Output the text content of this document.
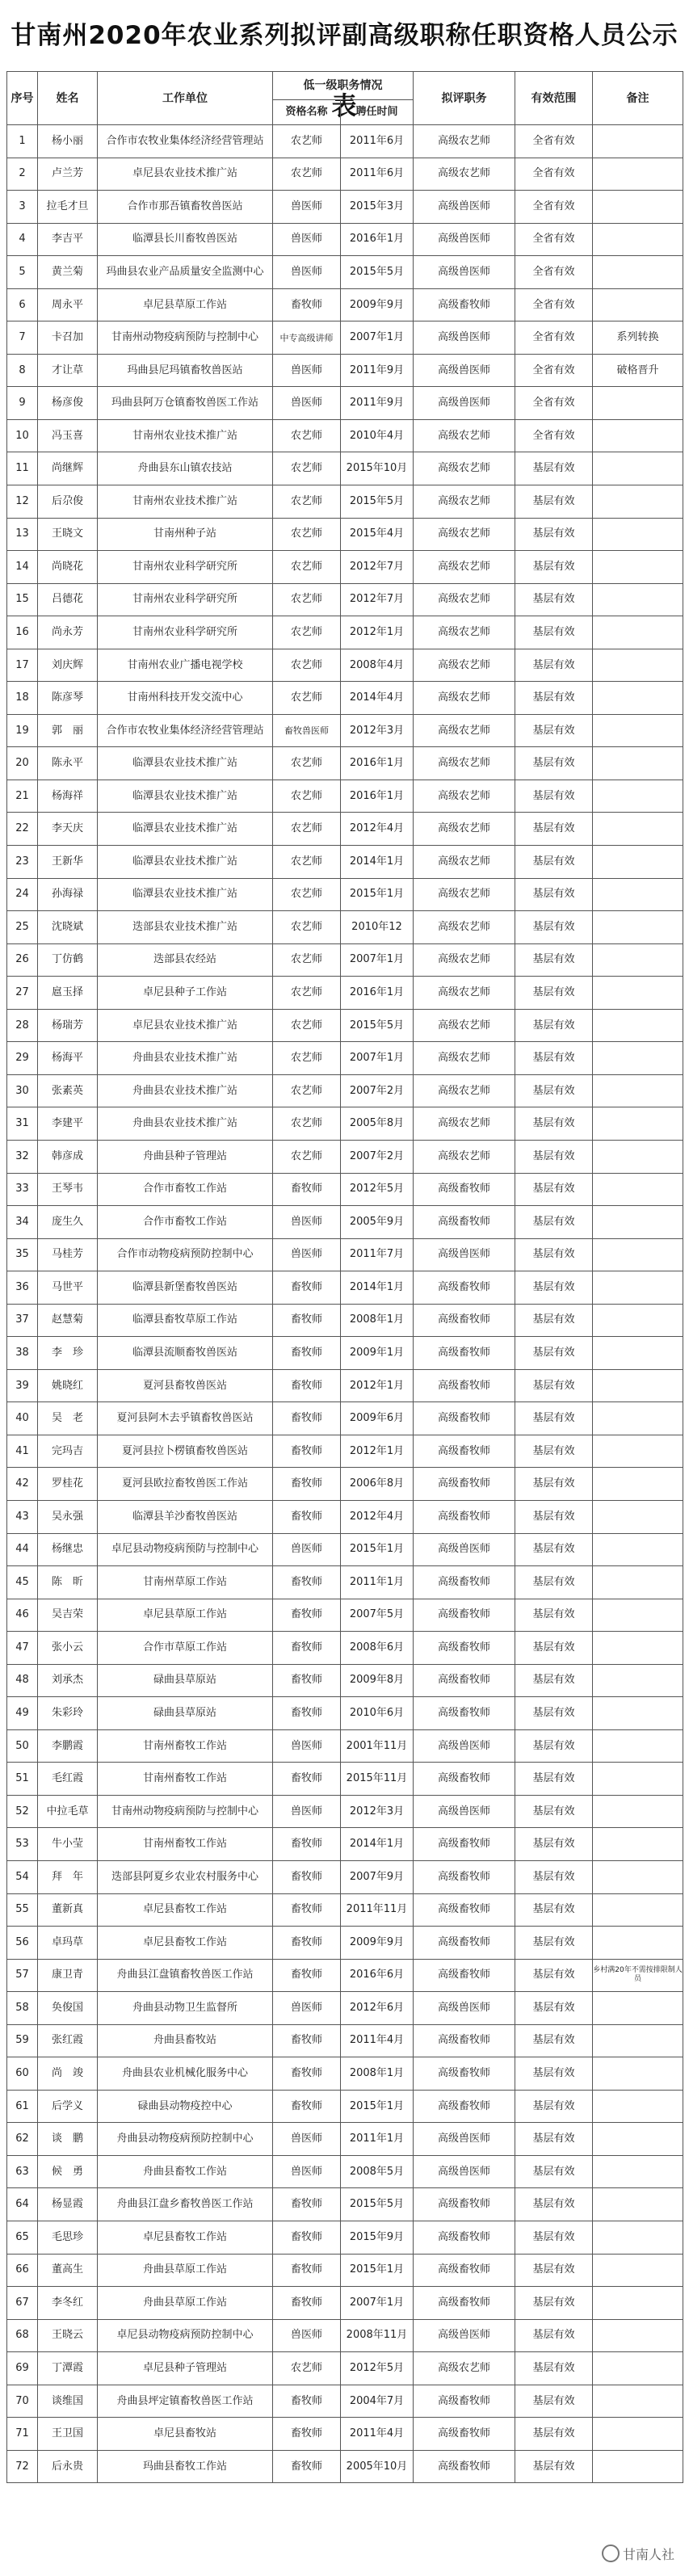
甘南州2020年农业系列拟评副高级职称任职资格人员公示表
序号	姓名	工作单位	低一级职务情况		拟评职务	有效范围	备注
			资格名称	聘任时间			
1	杨小丽	合作市农牧业集体经济经营管理站	农艺师	2011年6月	高级农艺师	全省有效	
2	卢兰芳	卓尼县农业技术推广站	农艺师	2011年6月	高级农艺师	全省有效	
3	拉毛才旦	合作市那吾镇畜牧兽医站	兽医师	2015年3月	高级兽医师	全省有效	
4	李吉平	临潭县长川畜牧兽医站	兽医师	2016年1月	高级兽医师	全省有效	
5	黄兰菊	玛曲县农业产品质量安全监测中心	兽医师	2015年5月	高级兽医师	全省有效	
6	周永平	卓尼县草原工作站	畜牧师	2009年9月	高级畜牧师	全省有效	
7	卡召加	甘南州动物疫病预防与控制中心	中专高级讲师	2007年1月	高级兽医师	全省有效	系列转换
8	才让草	玛曲县尼玛镇畜牧兽医站	兽医师	2011年9月	高级兽医师	全省有效	破格晋升
9	杨彦俊	玛曲县阿万仓镇畜牧兽医工作站	兽医师	2011年9月	高级兽医师	全省有效	
10	冯玉喜	甘南州农业技术推广站	农艺师	2010年4月	高级农艺师	全省有效	
11	尚继辉	舟曲县东山镇农技站	农艺师	2015年10月	高级农艺师	基层有效	
12	后尕俊	甘南州农业技术推广站	农艺师	2015年5月	高级农艺师	基层有效	
13	王晓文	甘南州种子站	农艺师	2015年4月	高级农艺师	基层有效	
14	尚晓花	甘南州农业科学研究所	农艺师	2012年7月	高级农艺师	基层有效	
15	吕德花	甘南州农业科学研究所	农艺师	2012年7月	高级农艺师	基层有效	
16	尚永芳	甘南州农业科学研究所	农艺师	2012年1月	高级农艺师	基层有效	
17	刘庆辉	甘南州农业广播电视学校	农艺师	2008年4月	高级农艺师	基层有效	
18	陈彦琴	甘南州科技开发交流中心	农艺师	2014年4月	高级农艺师	基层有效	
19	郭　丽	合作市农牧业集体经济经营管理站	畜牧兽医师	2012年3月	高级农艺师	基层有效	
20	陈永平	临潭县农业技术推广站	农艺师	2016年1月	高级农艺师	基层有效	
21	杨海祥	临潭县农业技术推广站	农艺师	2016年1月	高级农艺师	基层有效	
22	李天庆	临潭县农业技术推广站	农艺师	2012年4月	高级农艺师	基层有效	
23	王新华	临潭县农业技术推广站	农艺师	2014年1月	高级农艺师	基层有效	
24	孙海禄	临潭县农业技术推广站	农艺师	2015年1月	高级农艺师	基层有效	
25	沈晓斌	迭部县农业技术推广站	农艺师	2010年12	高级农艺师	基层有效	
26	丁仿鹤	迭部县农经站	农艺师	2007年1月	高级农艺师	基层有效	
27	扈玉择	卓尼县种子工作站	农艺师	2016年1月	高级农艺师	基层有效	
28	杨瑞芳	卓尼县农业技术推广站	农艺师	2015年5月	高级农艺师	基层有效	
29	杨海平	舟曲县农业技术推广站	农艺师	2007年1月	高级农艺师	基层有效	
30	张素英	舟曲县农业技术推广站	农艺师	2007年2月	高级农艺师	基层有效	
31	李建平	舟曲县农业技术推广站	农艺师	2005年8月	高级农艺师	基层有效	
32	韩彦成	舟曲县种子管理站	农艺师	2007年2月	高级农艺师	基层有效	
33	王琴韦	合作市畜牧工作站	畜牧师	2012年5月	高级畜牧师	基层有效	
34	庞生久	合作市畜牧工作站	兽医师	2005年9月	高级畜牧师	基层有效	
35	马桂芳	合作市动物疫病预防控制中心	兽医师	2011年7月	高级兽医师	基层有效	
36	马世平	临潭县新堡畜牧兽医站	畜牧师	2014年1月	高级畜牧师	基层有效	
37	赵慧菊	临潭县畜牧草原工作站	畜牧师	2008年1月	高级畜牧师	基层有效	
38	李　珍	临潭县流顺畜牧兽医站	畜牧师	2009年1月	高级畜牧师	基层有效	
39	姚晓红	夏河县畜牧兽医站	畜牧师	2012年1月	高级畜牧师	基层有效	
40	吴　老	夏河县阿木去乎镇畜牧兽医站	畜牧师	2009年6月	高级畜牧师	基层有效	
41	完玛吉	夏河县拉卜楞镇畜牧兽医站	畜牧师	2012年1月	高级畜牧师	基层有效	
42	罗桂花	夏河县欧拉畜牧兽医工作站	畜牧师	2006年8月	高级畜牧师	基层有效	
43	吴永强	临潭县羊沙畜牧兽医站	畜牧师	2012年4月	高级畜牧师	基层有效	
44	杨继忠	卓尼县动物疫病预防与控制中心	兽医师	2015年1月	高级兽医师	基层有效	
45	陈　昕	甘南州草原工作站	畜牧师	2011年1月	高级畜牧师	基层有效	
46	吴吉荣	卓尼县草原工作站	畜牧师	2007年5月	高级畜牧师	基层有效	
47	张小云	合作市草原工作站	畜牧师	2008年6月	高级畜牧师	基层有效	
48	刘承杰	碌曲县草原站	畜牧师	2009年8月	高级畜牧师	基层有效	
49	朱彩玲	碌曲县草原站	畜牧师	2010年6月	高级畜牧师	基层有效	
50	李鹏霞	甘南州畜牧工作站	兽医师	2001年11月	高级兽医师	基层有效	
51	毛红霞	甘南州畜牧工作站	畜牧师	2015年11月	高级畜牧师	基层有效	
52	中拉毛草	甘南州动物疫病预防与控制中心	兽医师	2012年3月	高级兽医师	基层有效	
53	牛小莹	甘南州畜牧工作站	畜牧师	2014年1月	高级畜牧师	基层有效	
54	拜　年	迭部县阿夏乡农业农村服务中心	畜牧师	2007年9月	高级畜牧师	基层有效	
55	董新真	卓尼县畜牧工作站	畜牧师	2011年11月	高级畜牧师	基层有效	
56	卓玛草	卓尼县畜牧工作站	畜牧师	2009年9月	高级畜牧师	基层有效	
57	康卫青	舟曲县江盘镇畜牧兽医工作站	畜牧师	2016年6月	高级畜牧师	基层有效	乡村满20年不需按排限制人员
58	奂俊国	舟曲县动物卫生监督所	兽医师	2012年6月	高级兽医师	基层有效	
59	张红霞	舟曲县畜牧站	畜牧师	2011年4月	高级畜牧师	基层有效	
60	尚　竣	舟曲县农业机械化服务中心	畜牧师	2008年1月	高级畜牧师	基层有效	
61	后学义	碌曲县动物疫控中心	畜牧师	2015年1月	高级畜牧师	基层有效	
62	谈　鹏	舟曲县动物疫病预防控制中心	兽医师	2011年1月	高级兽医师	基层有效	
63	候　勇	舟曲县畜牧工作站	兽医师	2008年5月	高级兽医师	基层有效	
64	杨显霞	舟曲县江盘乡畜牧兽医工作站	畜牧师	2015年5月	高级畜牧师	基层有效	
65	毛思珍	卓尼县畜牧工作站	畜牧师	2015年9月	高级畜牧师	基层有效	
66	董高生	舟曲县草原工作站	畜牧师	2015年1月	高级畜牧师	基层有效	
67	李冬红	舟曲县草原工作站	畜牧师	2007年1月	高级畜牧师	基层有效	
68	王晓云	卓尼县动物疫病预防控制中心	兽医师	2008年11月	高级兽医师	基层有效	
69	丁潭霞	卓尼县种子管理站	农艺师	2012年5月	高级农艺师	基层有效	
70	谈维国	舟曲县坪定镇畜牧兽医工作站	畜牧师	2004年7月	高级畜牧师	基层有效	
71	王卫国	卓尼县畜牧站	畜牧师	2011年4月	高级畜牧师	基层有效	
72	后永贵	玛曲县畜牧工作站	畜牧师	2005年10月	高级畜牧师	基层有效	
甘南人社
